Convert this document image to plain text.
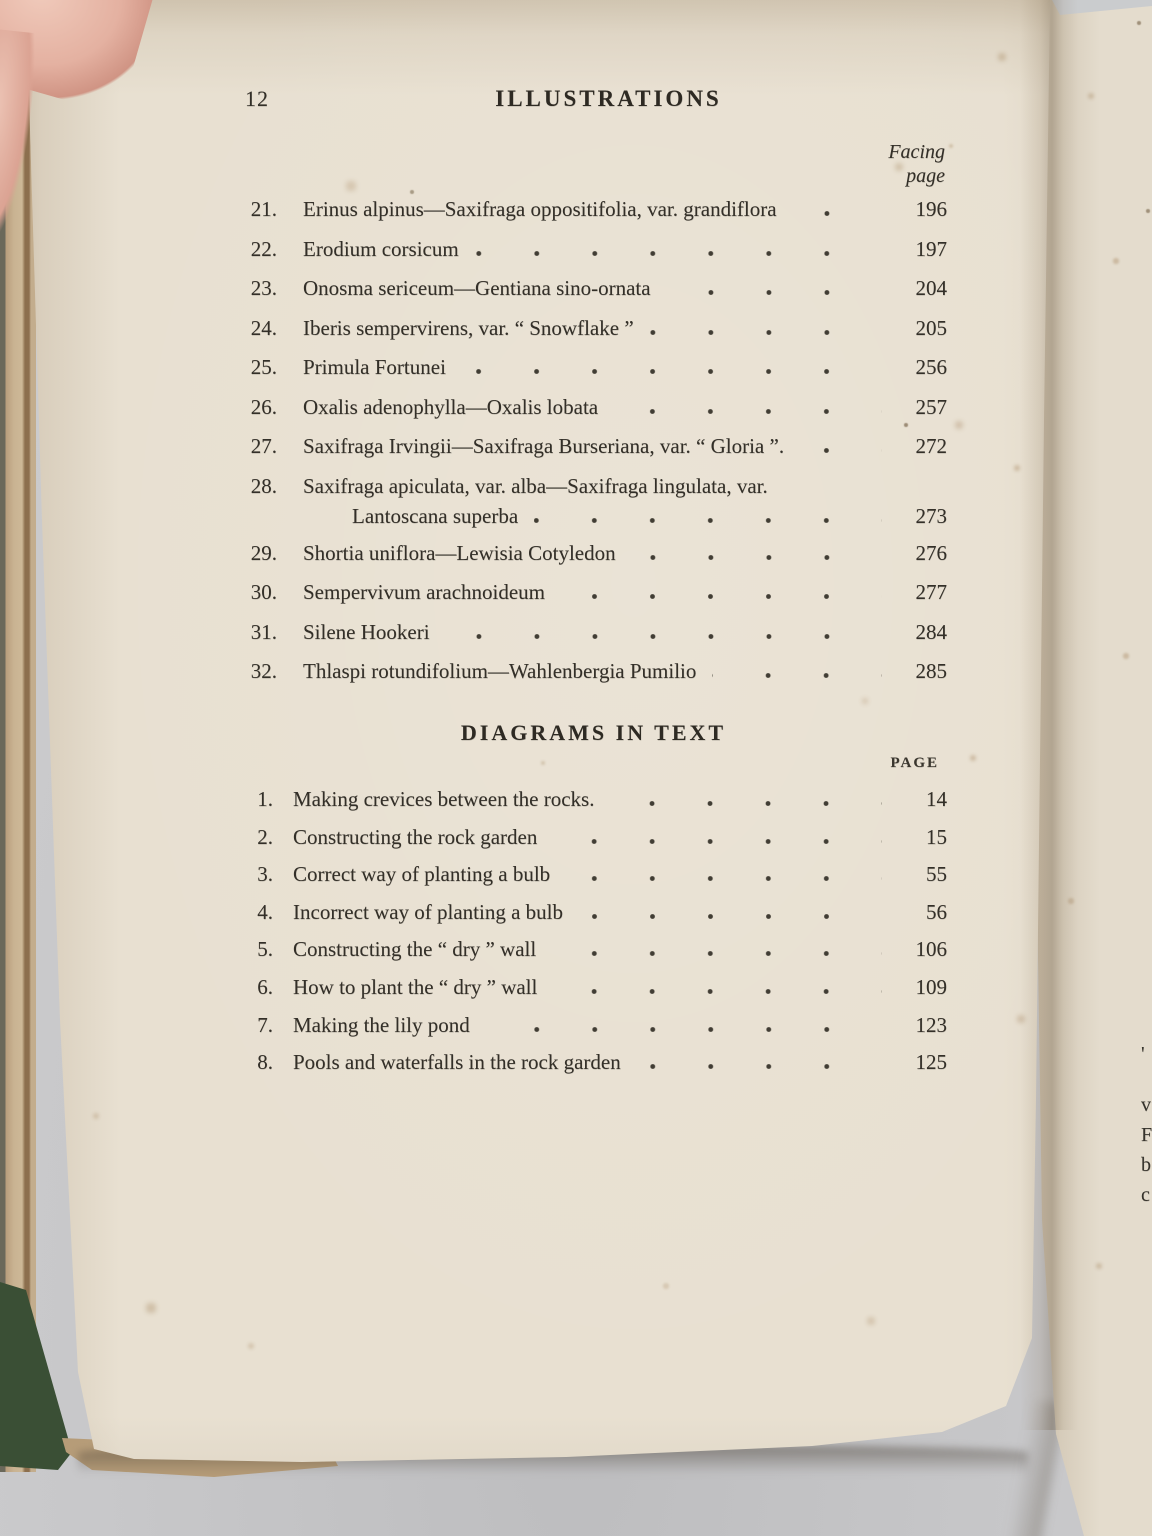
12	ILLUSTRATIONS
Facing
page
21. Erinus alpinus—Saxifraga oppositifolia, var. grandiflora	196
22. Erodium corsicum	197
23. Onosma sericeum—Gentiana sino-ornata	204
24. Iberis sempervirens, var. “ Snowflake ”	205
25. Primula Fortunei	256
26. Oxalis adenophylla—Oxalis lobata	257
27. Saxifraga Irvingii—Saxifraga Burseriana, var. “ Gloria ”.	272
28. Saxifraga apiculata, var. alba—Saxifraga lingulata, var.
Lantoscana superba	273
29. Shortia uniflora—Lewisia Cotyledon	276
30. Sempervivum arachnoideum	277
31. Silene Hookeri	284
32. Thlaspi rotundifolium—Wahlenbergia Pumilio	285
DIAGRAMS IN TEXT
PAGE
1. Making crevices between the rocks.	14
2. Constructing the rock garden	15
3. Correct way of planting a bulb	55
4. Incorrect way of planting a bulb	56
5. Constructing the “ dry ” wall	106
6. How to plant the “ dry ” wall	109
7. Making the lily pond	123
8. Pools and waterfalls in the rock garden	125	'
v
F
b
c
